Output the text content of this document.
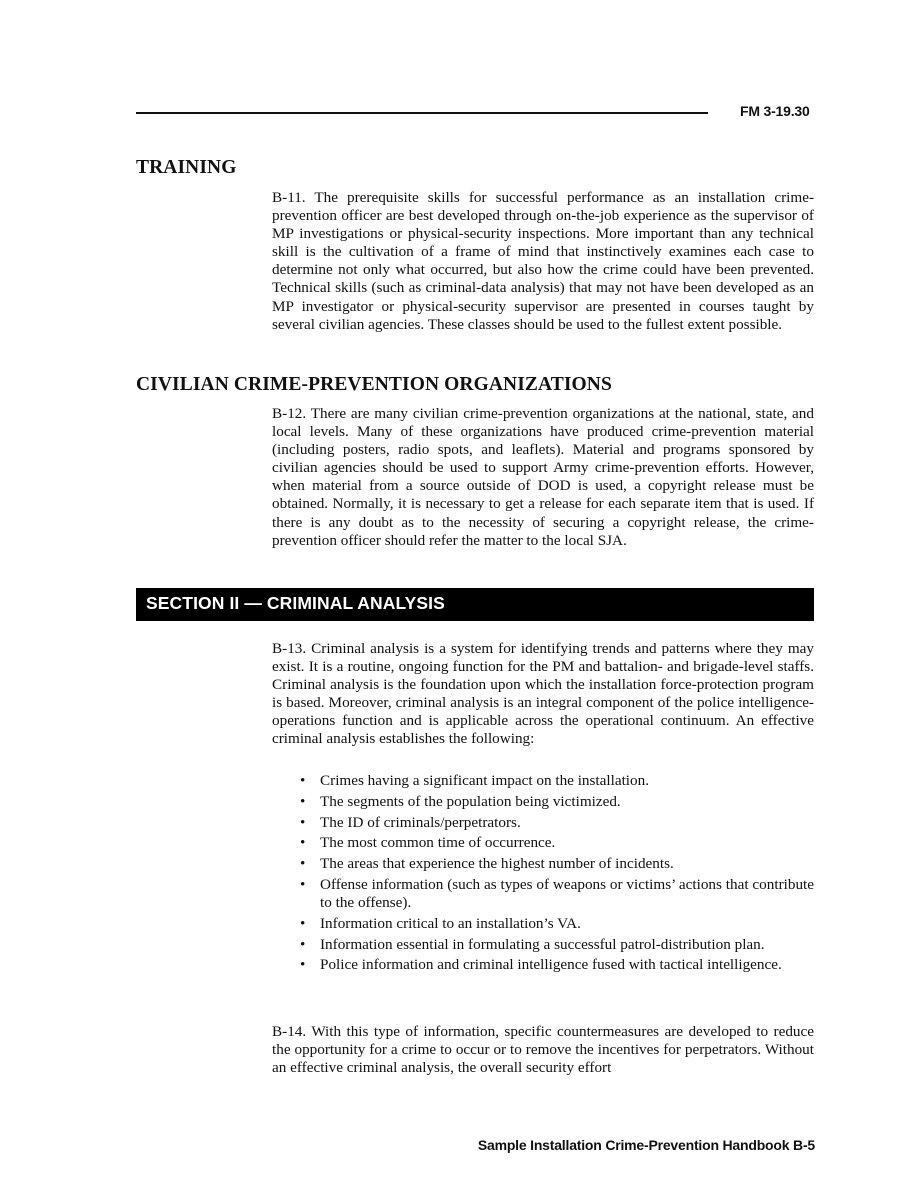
FM 3-19.30
TRAINING
B-11. The prerequisite skills for successful performance as an installation crime-prevention officer are best developed through on-the-job experience as the supervisor of MP investigations or physical-security inspections. More important than any technical skill is the cultivation of a frame of mind that instinctively examines each case to determine not only what occurred, but also how the crime could have been prevented. Technical skills (such as criminal-data analysis) that may not have been developed as an MP investigator or physical-security supervisor are presented in courses taught by several civilian agencies. These classes should be used to the fullest extent possible.
CIVILIAN CRIME-PREVENTION ORGANIZATIONS
B-12. There are many civilian crime-prevention organizations at the national, state, and local levels. Many of these organizations have produced crime-prevention material (including posters, radio spots, and leaflets). Material and programs sponsored by civilian agencies should be used to support Army crime-prevention efforts. However, when material from a source outside of DOD is used, a copyright release must be obtained. Normally, it is necessary to get a release for each separate item that is used. If there is any doubt as to the necessity of securing a copyright release, the crime-prevention officer should refer the matter to the local SJA.
SECTION II — CRIMINAL ANALYSIS
B-13. Criminal analysis is a system for identifying trends and patterns where they may exist. It is a routine, ongoing function for the PM and battalion- and brigade-level staffs. Criminal analysis is the foundation upon which the installation force-protection program is based. Moreover, criminal analysis is an integral component of the police intelligence-operations function and is applicable across the operational continuum. An effective criminal analysis establishes the following:
• Crimes having a significant impact on the installation.
• The segments of the population being victimized.
• The ID of criminals/perpetrators.
• The most common time of occurrence.
• The areas that experience the highest number of incidents.
• Offense information (such as types of weapons or victims’ actions that contribute to the offense).
• Information critical to an installation’s VA.
• Information essential in formulating a successful patrol-distribution plan.
• Police information and criminal intelligence fused with tactical intelligence.
B-14. With this type of information, specific countermeasures are developed to reduce the opportunity for a crime to occur or to remove the incentives for perpetrators. Without an effective criminal analysis, the overall security effort
Sample Installation Crime-Prevention Handbook B-5
